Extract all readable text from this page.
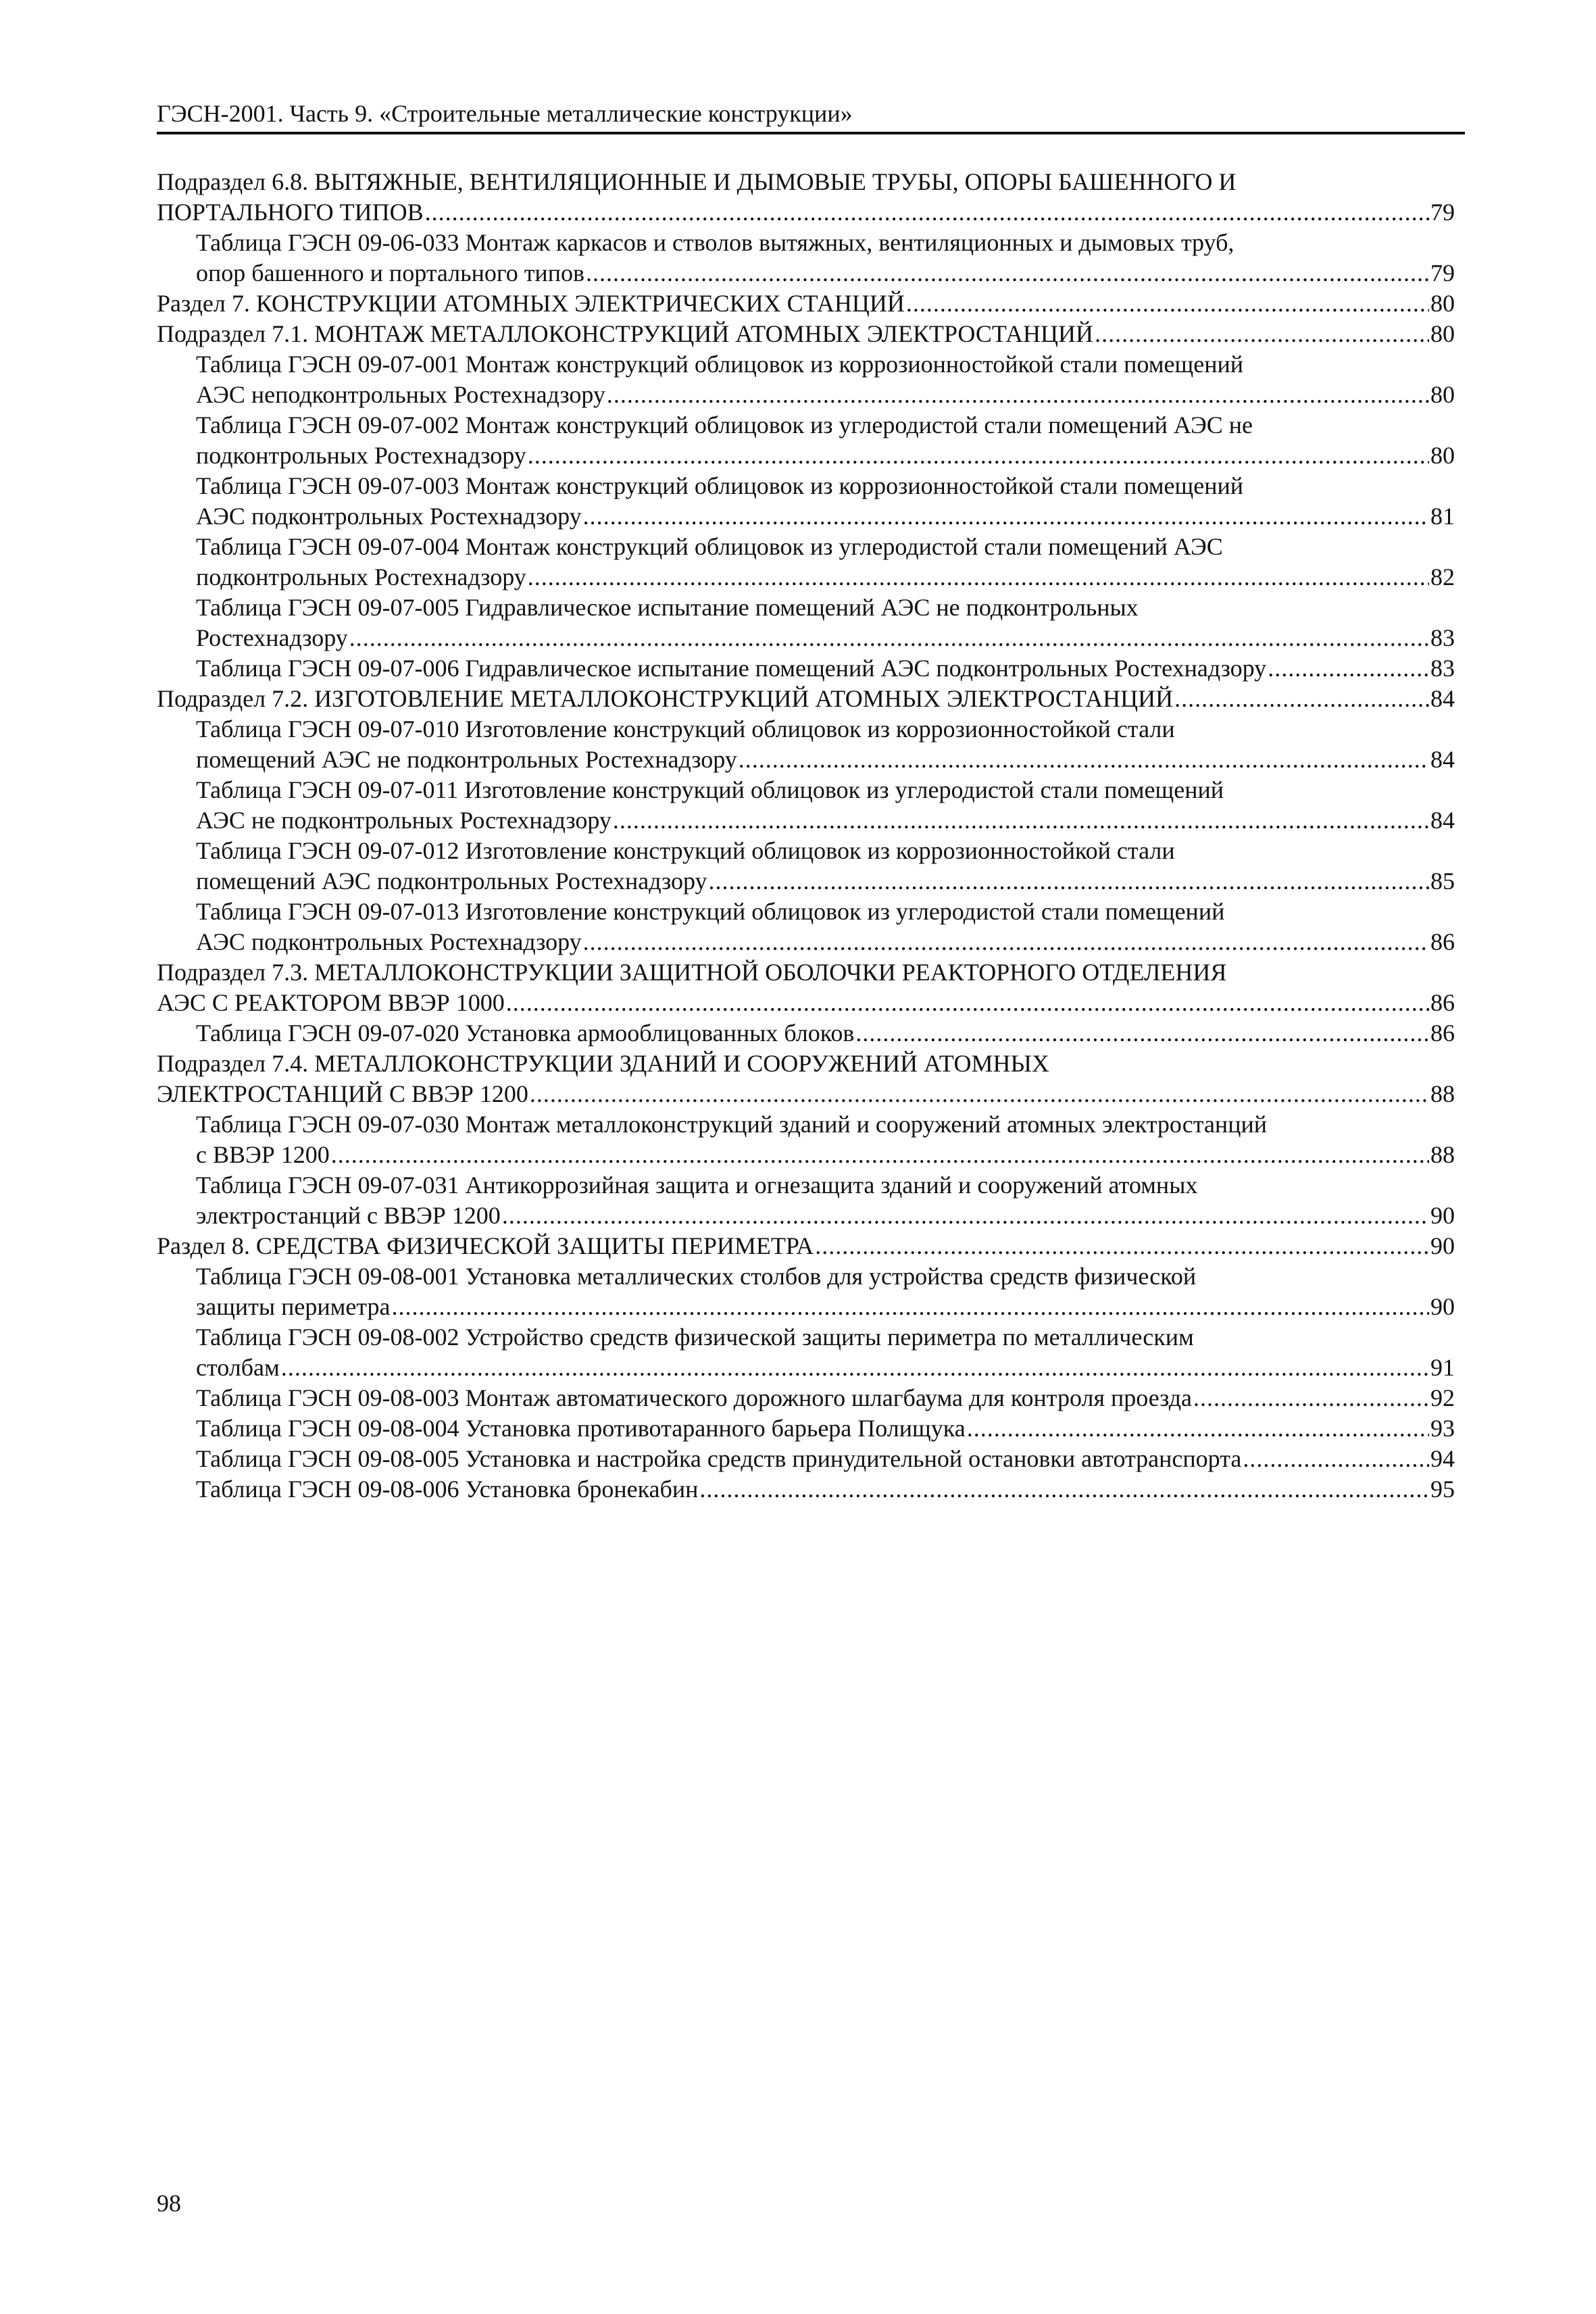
ГЭСН-2001. Часть 9. «Строительные металлические конструкции»
Подраздел 6.8. ВЫТЯЖНЫЕ, ВЕНТИЛЯЦИОННЫЕ И ДЫМОВЫЕ ТРУБЫ, ОПОРЫ БАШЕННОГО И
ПОРТАЛЬНОГО ТИПОВ .....	79
Таблица ГЭСН 09-06-033 Монтаж каркасов и стволов вытяжных, вентиляционных и дымовых труб,
опор башенного и портального типов .....	79
Раздел 7. КОНСТРУКЦИИ АТОМНЫХ ЭЛЕКТРИЧЕСКИХ СТАНЦИЙ .....	80
Подраздел 7.1. МОНТАЖ МЕТАЛЛОКОНСТРУКЦИЙ АТОМНЫХ ЭЛЕКТРОСТАНЦИЙ .....	80
Таблица ГЭСН 09-07-001 Монтаж конструкций облицовок из коррозионностойкой стали помещений
АЭС неподконтрольных Ростехнадзору .....	80
Таблица ГЭСН 09-07-002 Монтаж конструкций облицовок из углеродистой стали помещений АЭС не
подконтрольных Ростехнадзору .....	80
Таблица ГЭСН 09-07-003 Монтаж конструкций облицовок из коррозионностойкой стали помещений
АЭС подконтрольных Ростехнадзору .....	81
Таблица ГЭСН 09-07-004 Монтаж конструкций облицовок из углеродистой стали помещений АЭС
подконтрольных Ростехнадзору .....	82
Таблица ГЭСН 09-07-005 Гидравлическое испытание помещений АЭС не подконтрольных
Ростехнадзору .....	83
Таблица ГЭСН 09-07-006 Гидравлическое испытание помещений АЭС подконтрольных Ростехнадзору .....	83
Подраздел 7.2. ИЗГОТОВЛЕНИЕ МЕТАЛЛОКОНСТРУКЦИЙ АТОМНЫХ ЭЛЕКТРОСТАНЦИЙ .....	84
Таблица ГЭСН 09-07-010 Изготовление конструкций облицовок из коррозионностойкой стали
помещений АЭС не подконтрольных Ростехнадзору .....	84
Таблица ГЭСН 09-07-011 Изготовление конструкций облицовок из углеродистой стали помещений
АЭС не подконтрольных Ростехнадзору .....	84
Таблица ГЭСН 09-07-012 Изготовление конструкций облицовок из коррозионностойкой стали
помещений АЭС подконтрольных Ростехнадзору .....	85
Таблица ГЭСН 09-07-013 Изготовление конструкций облицовок из углеродистой стали помещений
АЭС подконтрольных Ростехнадзору .....	86
Подраздел 7.3. МЕТАЛЛОКОНСТРУКЦИИ ЗАЩИТНОЙ ОБОЛОЧКИ РЕАКТОРНОГО ОТДЕЛЕНИЯ
АЭС С РЕАКТОРОМ ВВЭР 1000 .....	86
Таблица ГЭСН 09-07-020 Установка армооблицованных блоков .....	86
Подраздел 7.4. МЕТАЛЛОКОНСТРУКЦИИ ЗДАНИЙ И СООРУЖЕНИЙ АТОМНЫХ
ЭЛЕКТРОСТАНЦИЙ С ВВЭР 1200 .....	88
Таблица ГЭСН 09-07-030 Монтаж металлоконструкций зданий и сооружений атомных электростанций
с ВВЭР 1200 .....	88
Таблица ГЭСН 09-07-031 Антикоррозийная защита и огнезащита зданий и сооружений атомных
электростанций с ВВЭР 1200 .....	90
Раздел 8. СРЕДСТВА ФИЗИЧЕСКОЙ ЗАЩИТЫ ПЕРИМЕТРА .....	90
Таблица ГЭСН 09-08-001 Установка металлических столбов для устройства средств физической
защиты периметра .....	90
Таблица ГЭСН 09-08-002 Устройство средств физической защиты периметра по металлическим
столбам .....	91
Таблица ГЭСН 09-08-003 Монтаж автоматического дорожного шлагбаума для контроля проезда .....	92
Таблица ГЭСН 09-08-004 Установка противотаранного барьера Полищука .....	93
Таблица ГЭСН 09-08-005 Установка и настройка средств принудительной остановки автотранспорта .....	94
Таблица ГЭСН 09-08-006 Установка бронекабин .....	95
98
